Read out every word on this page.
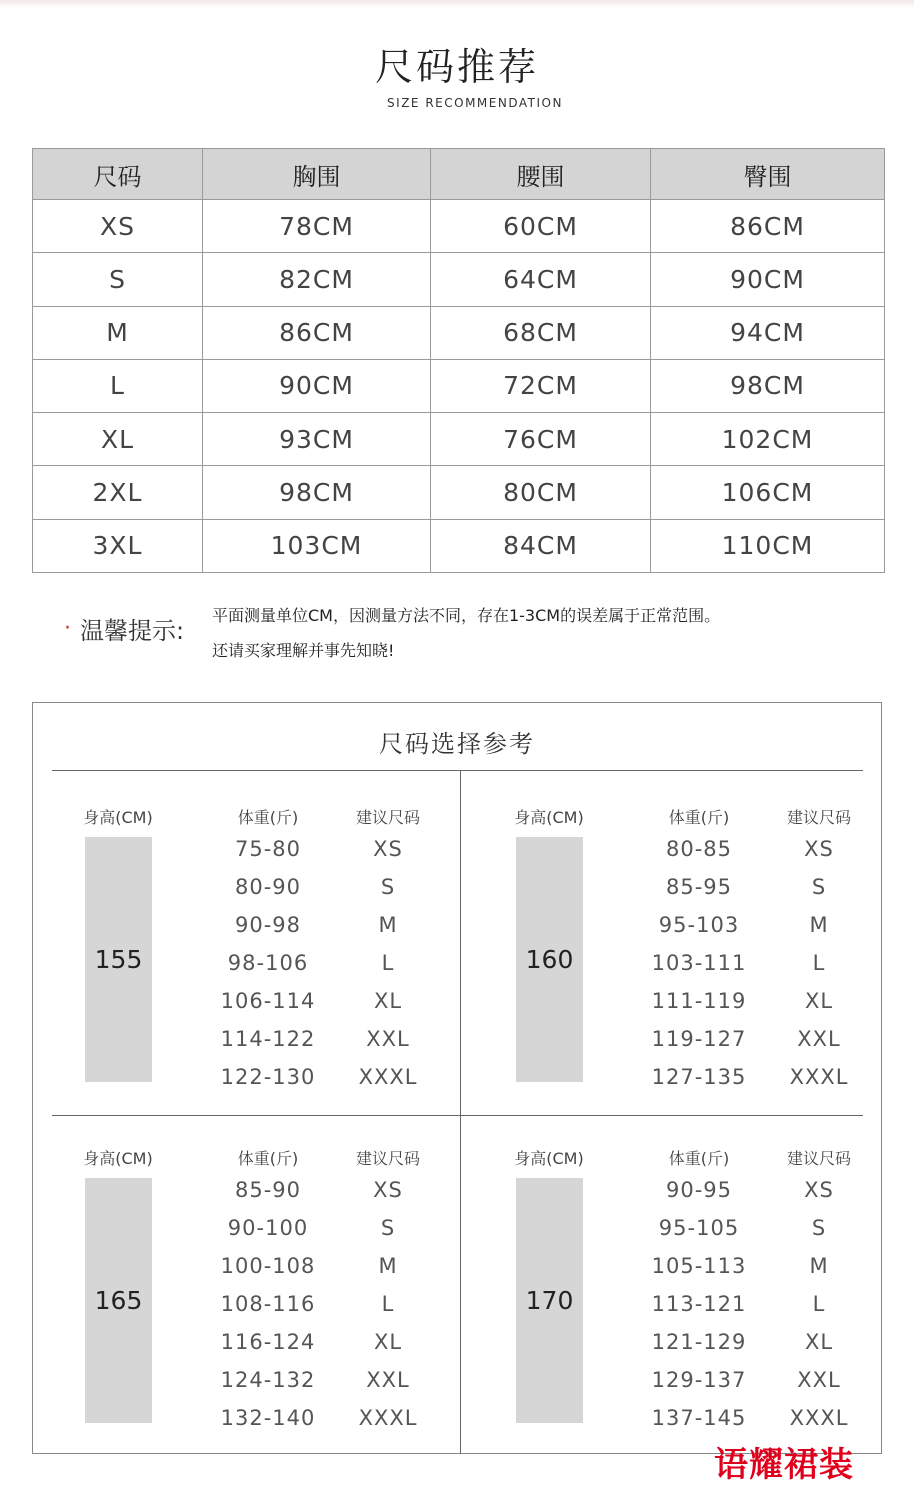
尺码推荐
SIZE RECOMMENDATION
尺码	胸围	腰围	臀围
XS	78CM	60CM	86CM
S	82CM	64CM	90CM
M	86CM	68CM	94CM
L	90CM	72CM	98CM
XL	93CM	76CM	102CM
2XL	98CM	80CM	106CM
3XL	103CM	84CM	110CM
· 温馨提示:
平面测量单位CM，因测量方法不同，存在1-3CM的误差属于正常范围。
还请买家理解并事先知晓!
尺码选择参考
身高(CM)	体重(斤)	建议尺码
155
75-80	XS
80-90	S
90-98	M
98-106	L
106-114	XL
114-122	XXL
122-130	XXXL
身高(CM)	体重(斤)	建议尺码
160
80-85	XS
85-95	S
95-103	M
103-111	L
111-119	XL
119-127	XXL
127-135	XXXL
身高(CM)	体重(斤)	建议尺码
165
85-90	XS
90-100	S
100-108	M
108-116	L
116-124	XL
124-132	XXL
132-140	XXXL
身高(CM)	体重(斤)	建议尺码
170
90-95	XS
95-105	S
105-113	M
113-121	L
121-129	XL
129-137	XXL
137-145	XXXL
语耀裙装
